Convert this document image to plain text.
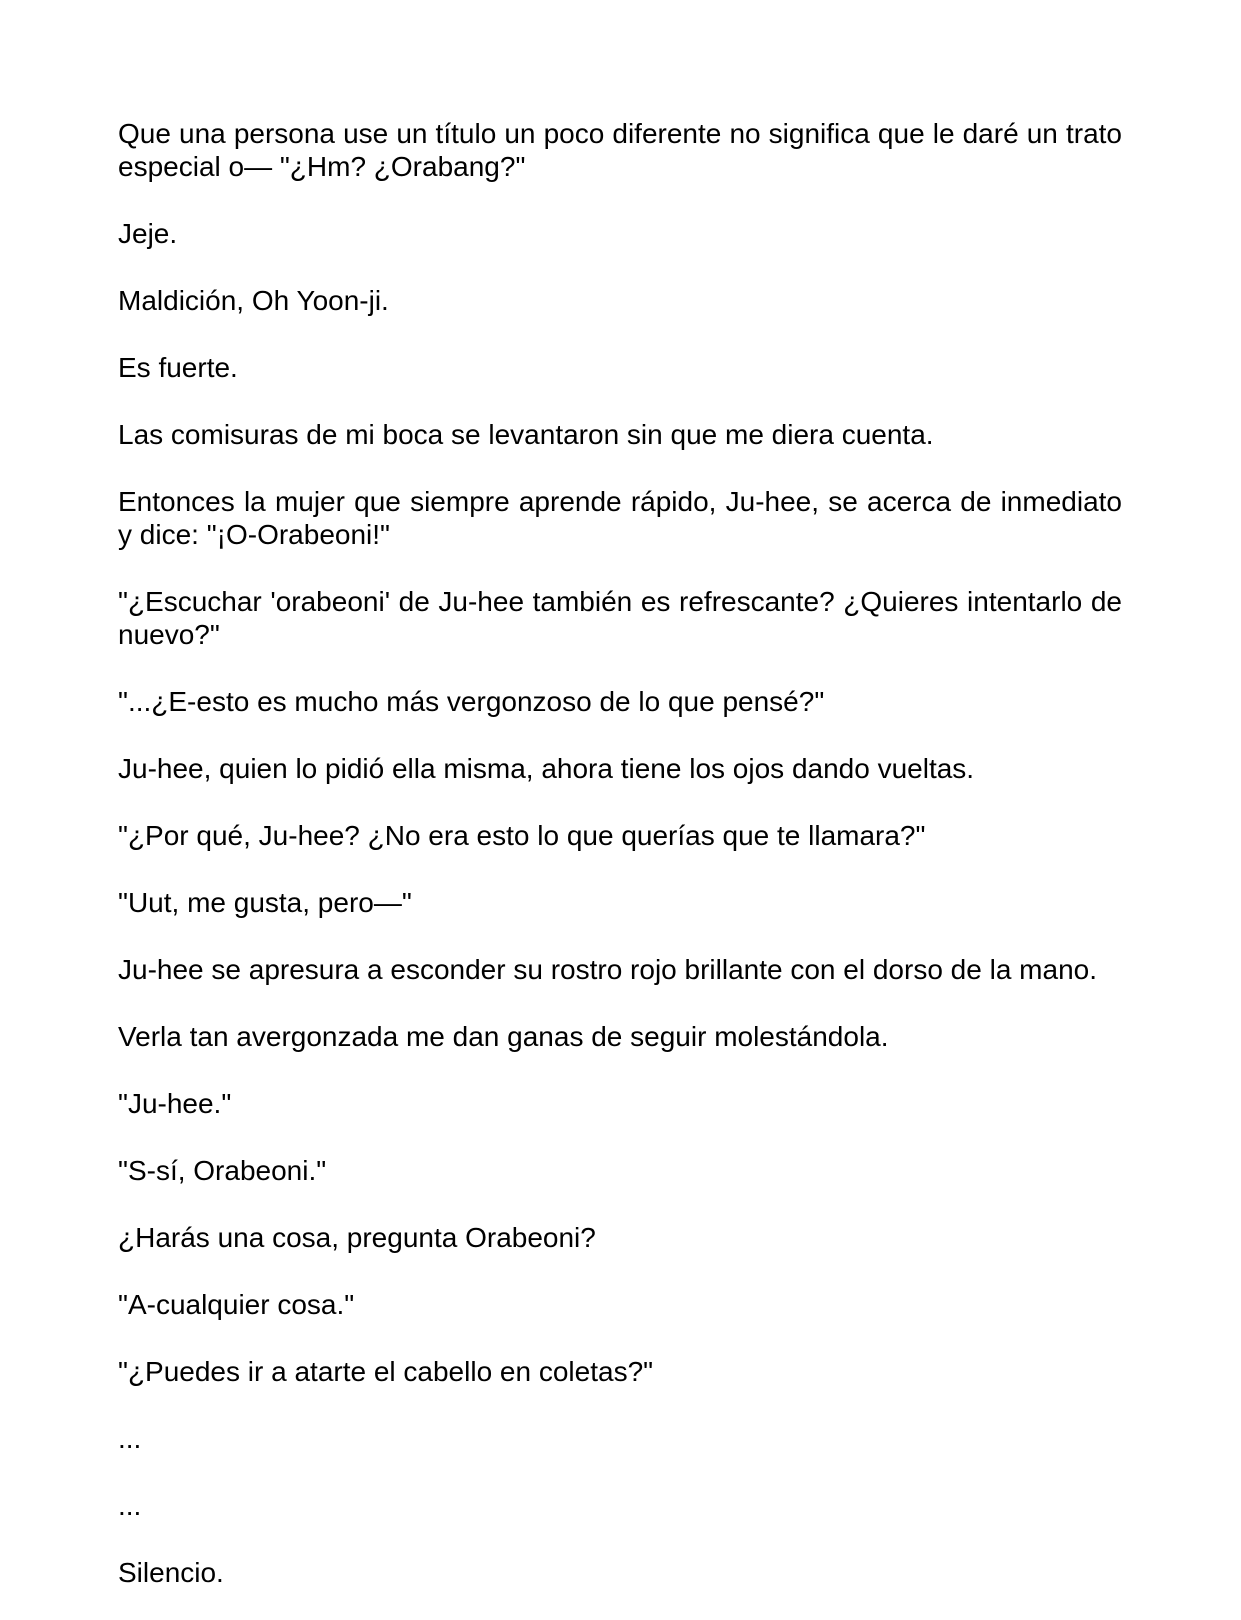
Que una persona use un título un poco diferente no significa que le daré un trato especial o— "¿Hm? ¿Orabang?"

Jeje.

Maldición, Oh Yoon-ji.

Es fuerte.

Las comisuras de mi boca se levantaron sin que me diera cuenta.

Entonces la mujer que siempre aprende rápido, Ju-hee, se acerca de inmediato y dice: "¡O-Orabeoni!"

"¿Escuchar 'orabeoni' de Ju-hee también es refrescante? ¿Quieres intentarlo de nuevo?"

"...¿E-esto es mucho más vergonzoso de lo que pensé?"

Ju-hee, quien lo pidió ella misma, ahora tiene los ojos dando vueltas.

"¿Por qué, Ju-hee? ¿No era esto lo que querías que te llamara?"

"Uut, me gusta, pero—"

Ju-hee se apresura a esconder su rostro rojo brillante con el dorso de la mano.

Verla tan avergonzada me dan ganas de seguir molestándola.

"Ju-hee."

"S-sí, Orabeoni."

¿Harás una cosa, pregunta Orabeoni?

"A-cualquier cosa."

"¿Puedes ir a atarte el cabello en coletas?"

...

...

Silencio.
